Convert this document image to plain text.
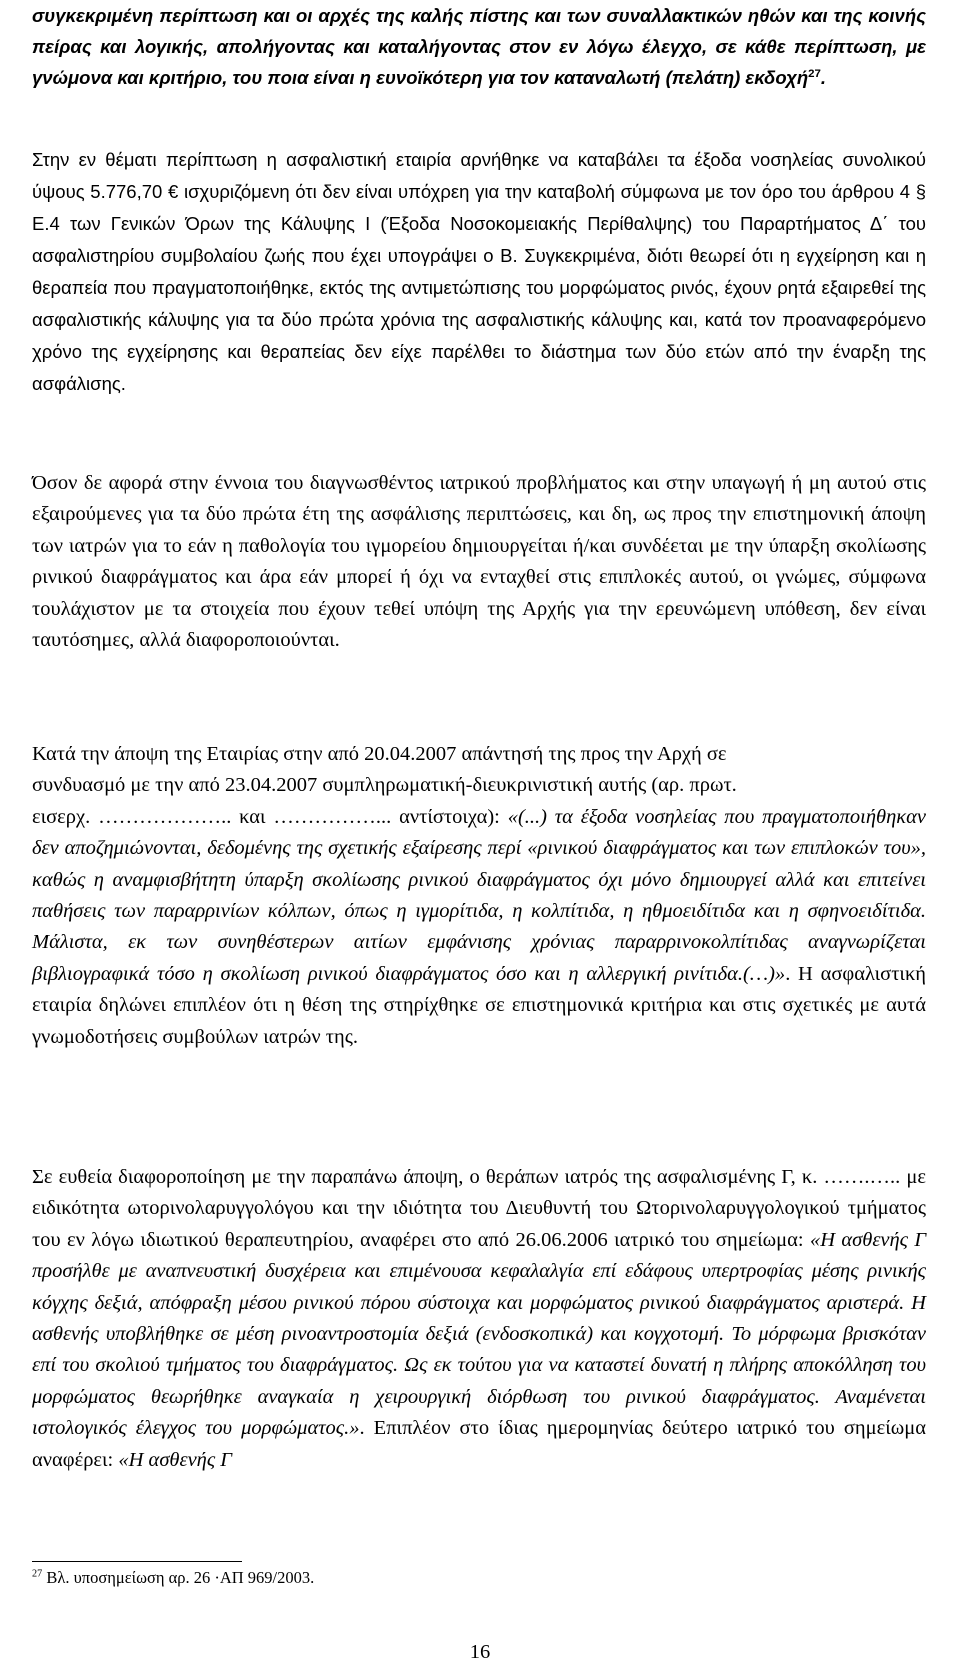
συγκεκριμένη περίπτωση και οι αρχές της καλής πίστης και των συναλλακτικών ηθών και της κοινής πείρας και λογικής, απολήγοντας και καταλήγοντας στον εν λόγω έλεγχο, σε κάθε περίπτωση, με γνώμονα και κριτήριο, του ποια είναι η ευνοϊκότερη για τον καταναλωτή (πελάτη) εκδοχή$^{27}$.

Στην εν θέματι περίπτωση η ασφαλιστική εταιρία αρνήθηκε να καταβάλει τα έξοδα νοσηλείας συνολικού ύψους 5.776,70 € ισχυριζόμενη ότι δεν είναι υπόχρεη για την καταβολή σύμφωνα με τον όρο του άρθρου 4 § Ε.4 των Γενικών Όρων της Κάλυψης Ι (Έξοδα Νοσοκομειακής Περίθαλψης) του Παραρτήματος Δ΄ του ασφαλιστηρίου συμβολαίου ζωής που έχει υπογράψει ο Β. Συγκεκριμένα, διότι θεωρεί ότι η εγχείρηση και η θεραπεία που πραγματοποιήθηκε, εκτός της αντιμετώπισης του μορφώματος ρινός, έχουν ρητά εξαιρεθεί της ασφαλιστικής κάλυψης για τα δύο πρώτα χρόνια της ασφαλιστικής κάλυψης και, κατά τον προαναφερόμενο χρόνο της εγχείρησης και θεραπείας δεν είχε παρέλθει το διάστημα των δύο ετών από την έναρξη της ασφάλισης.

Όσον δε αφορά στην έννοια του διαγνωσθέντος ιατρικού προβλήματος και στην υπαγωγή ή μη αυτού στις εξαιρούμενες για τα δύο πρώτα έτη της ασφάλισης περιπτώσεις, και δη, ως προς την επιστημονική άποψη των ιατρών για το εάν η παθολογία του ιγμορείου δημιουργείται ή/και συνδέεται με την ύπαρξη σκολίωσης ρινικού διαφράγματος και άρα εάν μπορεί ή όχι να ενταχθεί στις επιπλοκές αυτού, οι γνώμες, σύμφωνα τουλάχιστον με τα στοιχεία που έχουν τεθεί υπόψη της Αρχής για την ερευνώμενη υπόθεση, δεν είναι ταυτόσημες, αλλά διαφοροποιούνται.

Κατά την άποψη της Εταιρίας στην από 20.04.2007 απάντησή της προς την Αρχή σε
συνδυασμό με την από 23.04.2007 συμπληρωματική-διευκρινιστική αυτής (αρ. πρωτ.
εισερχ. ……………….. και ……………... αντίστοιχα): «(...) τα έξοδα νοσηλείας που πραγματοποιήθηκαν δεν αποζημιώνονται, δεδομένης της σχετικής εξαίρεσης περί «ρινικού διαφράγματος και των επιπλοκών του», καθώς η αναμφισβήτητη ύπαρξη σκολίωσης ρινικού διαφράγματος όχι μόνο δημιουργεί αλλά και επιτείνει παθήσεις των παραρρινίων κόλπων, όπως η ιγμορίτιδα, η κολπίτιδα, η ηθμοειδίτιδα και η σφηνοειδίτιδα. Μάλιστα, εκ των συνηθέστερων αιτίων εμφάνισης χρόνιας παραρρινοκολπίτιδας αναγνωρίζεται βιβλιογραφικά τόσο η σκολίωση ρινικού διαφράγματος όσο και η αλλεργική ρινίτιδα.(…)». Η ασφαλιστική εταιρία δηλώνει επιπλέον ότι η θέση της στηρίχθηκε σε επιστημονικά κριτήρια και στις σχετικές με αυτά γνωμοδοτήσεις συμβούλων ιατρών της.

Σε ευθεία διαφοροποίηση με την παραπάνω άποψη, ο θεράπων ιατρός της ασφαλισμένης Γ, κ. …….….. με ειδικότητα ωτορινολαρυγγολόγου και την ιδιότητα του Διευθυντή του Ωτορινολαρυγγολογικού τμήματος του εν λόγω ιδιωτικού θεραπευτηρίου, αναφέρει στο από 26.06.2006 ιατρικό του σημείωμα: «Η ασθενής Γ προσήλθε με αναπνευστική δυσχέρεια και επιμένουσα κεφαλαλγία επί εδάφους υπερτροφίας μέσης ρινικής κόγχης δεξιά, απόφραξη μέσου ρινικού πόρου σύστοιχα και μορφώματος ρινικού διαφράγματος αριστερά. Η ασθενής υποβλήθηκε σε μέση ρινοαντροστομία δεξιά (ενδοσκοπικά) και κογχοτομή. Το μόρφωμα βρισκόταν επί του σκολιού τμήματος του διαφράγματος. Ως εκ τούτου για να καταστεί δυνατή η πλήρης αποκόλληση του μορφώματος θεωρήθηκε αναγκαία η χειρουργική διόρθωση του ρινικού διαφράγματος. Αναμένεται ιστολογικός έλεγχος του μορφώματος.». Επιπλέον στο ίδιας ημερομηνίας δεύτερο ιατρικό του σημείωμα αναφέρει: «Η ασθενής Γ

$^{27}$ Βλ. υποσημείωση αρ. 26 ·ΑΠ 969/2003.
16
